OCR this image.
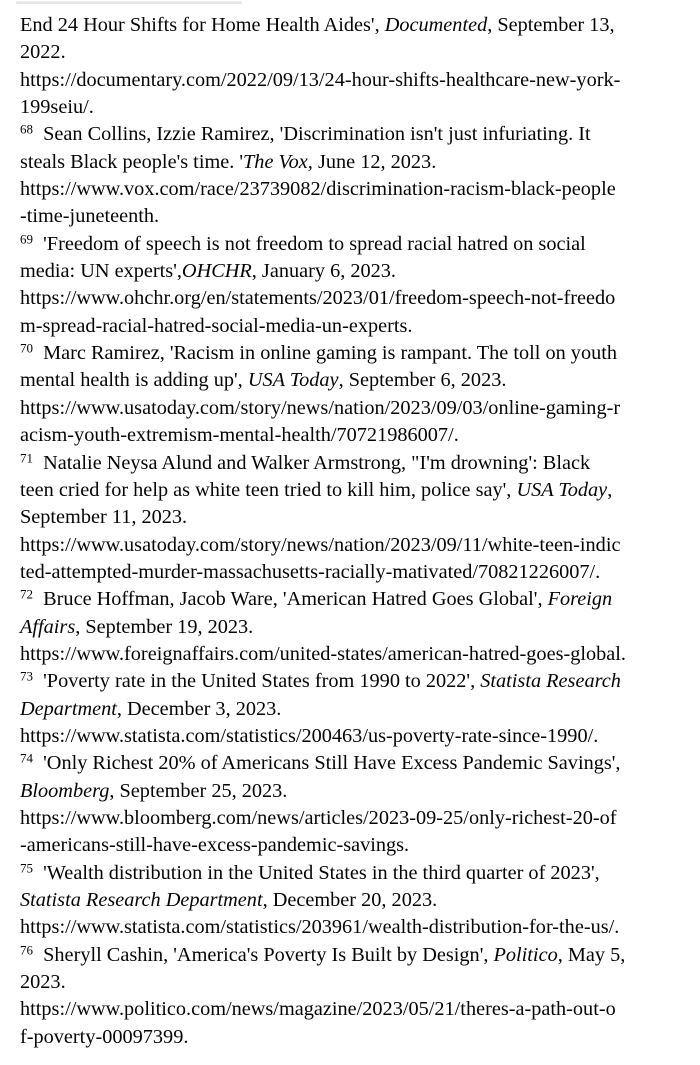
End 24 Hour Shifts for Home Health Aides', Documented, September 13,
2022.
https://documentary.com/2022/09/13/24-hour-shifts-healthcare-new-york-
199seiu/.
$^{68}$  Sean Collins, Izzie Ramirez, 'Discrimination isn't just infuriating. It
steals Black people's time. 'The Vox, June 12, 2023.
https://www.vox.com/race/23739082/discrimination-racism-black-people
-time-juneteenth.
$^{69}$  'Freedom of speech is not freedom to spread racial hatred on social
media: UN experts',OHCHR, January 6, 2023.
https://www.ohchr.org/en/statements/2023/01/freedom-speech-not-freedo
m-spread-racial-hatred-social-media-un-experts.
$^{70}$  Marc Ramirez, 'Racism in online gaming is rampant. The toll on youth
mental health is adding up', USA Today, September 6, 2023.
https://www.usatoday.com/story/news/nation/2023/09/03/online-gaming-r
acism-youth-extremism-mental-health/70721986007/.
$^{71}$  Natalie Neysa Alund and Walker Armstrong, "I'm drowning': Black
teen cried for help as white teen tried to kill him, police say', USA Today,
September 11, 2023.
https://www.usatoday.com/story/news/nation/2023/09/11/white-teen-indic
ted-attempted-murder-massachusetts-racially-mativated/70821226007/.
$^{72}$  Bruce Hoffman, Jacob Ware, 'American Hatred Goes Global', Foreign
Affairs, September 19, 2023.
https://www.foreignaffairs.com/united-states/american-hatred-goes-global.
$^{73}$  'Poverty rate in the United States from 1990 to 2022', Statista Research
Department, December 3, 2023.
https://www.statista.com/statistics/200463/us-poverty-rate-since-1990/.
$^{74}$  'Only Richest 20% of Americans Still Have Excess Pandemic Savings',
Bloomberg, September 25, 2023.
https://www.bloomberg.com/news/articles/2023-09-25/only-richest-20-of
-americans-still-have-excess-pandemic-savings.
$^{75}$  'Wealth distribution in the United States in the third quarter of 2023',
Statista Research Department, December 20, 2023.
https://www.statista.com/statistics/203961/wealth-distribution-for-the-us/.
$^{76}$  Sheryll Cashin, 'America's Poverty Is Built by Design', Politico, May 5,
2023.
https://www.politico.com/news/magazine/2023/05/21/theres-a-path-out-o
f-poverty-00097399.
